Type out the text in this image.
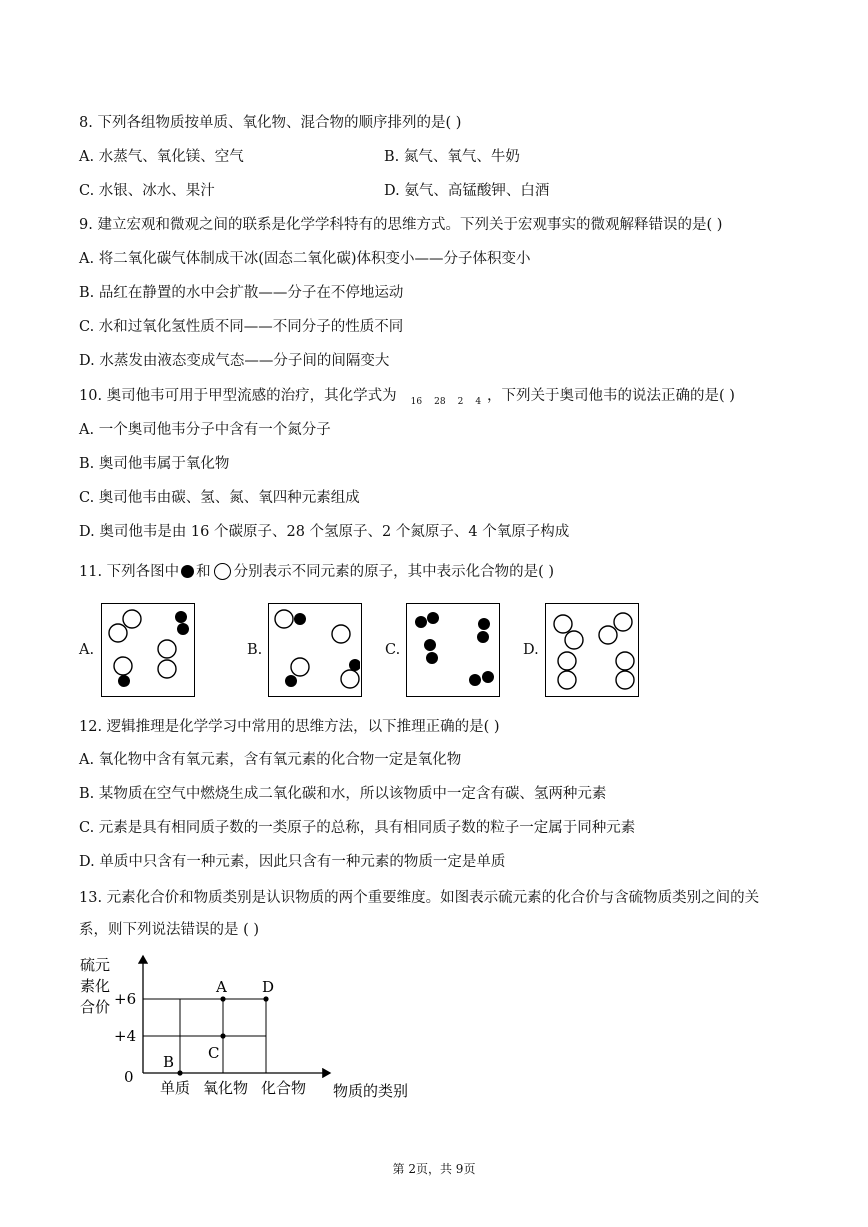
8. 下列各组物质按单质、氧化物、混合物的顺序排列的是( )
A. 水蒸气、氧化镁、空气	B. 氮气、氧气、牛奶
C. 水银、冰水、果汁	D. 氨气、高锰酸钾、白酒
9. 建立宏观和微观之间的联系是化学学科特有的思维方式。下列关于宏观事实的微观解释错误的是( )
A. 将二氧化碳气体制成干冰(固态二氧化碳)体积变小——分子体积变小
B. 品红在静置的水中会扩散——分子在不停地运动
C. 水和过氧化氢性质不同——不同分子的性质不同
D. 水蒸发由液态变成气态——分子间的间隔变大
10. 奥司他韦可用于甲型流感的治疗，其化学式为 16 28 2 4 ，下列关于奥司他韦的说法正确的是( )
A. 一个奥司他韦分子中含有一个氮分子
B. 奥司他韦属于氧化物
C. 奥司他韦由碳、氢、氮、氧四种元素组成
D. 奥司他韦是由 16 个碳原子、28 个氢原子、2 个氮原子、4 个氧原子构成
11. 下列各图中 和 分别表示不同元素的原子，其中表示化合物的是( )
A.	B.	C.	D.
12. 逻辑推理是化学学习中常用的思维方法，以下推理正确的是( )
A. 氧化物中含有氧元素，含有氧元素的化合物一定是氧化物
B. 某物质在空气中燃烧生成二氧化碳和水，所以该物质中一定含有碳、氢两种元素
C. 元素是具有相同质子数的一类原子的总称，具有相同质子数的粒子一定属于同种元素
D. 单质中只含有一种元素，因此只含有一种元素的物质一定是单质
13. 元素化合价和物质类别是认识物质的两个重要维度。如图表示硫元素的化合价与含硫物质类别之间的关
系，则下列说法错误的是 ( )
硫元
素化
合价 +6
+4
0
单质 氧化物 化合物 物质的类别
A D
C
B
第 2页，共 9页
